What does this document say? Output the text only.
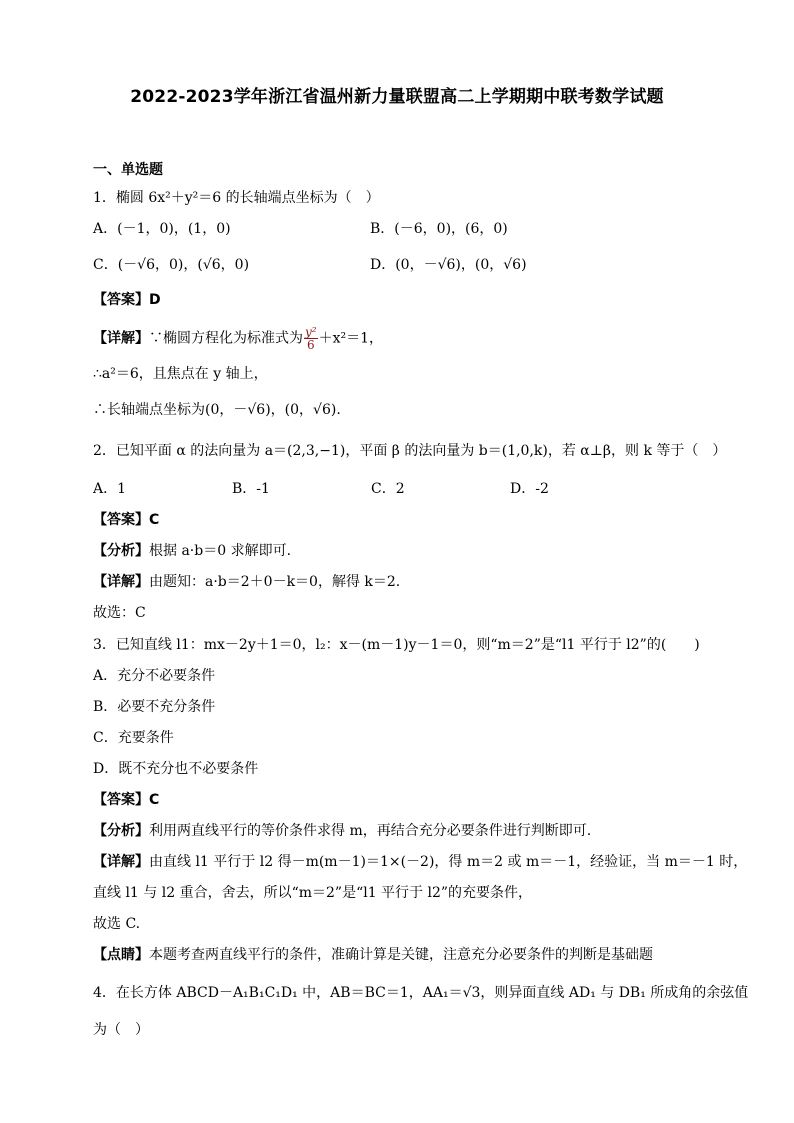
2022-2023学年浙江省温州新力量联盟高二上学期期中联考数学试题
一、单选题
1．椭圆 6x²＋y²＝6 的长轴端点坐标为（　）
A．(－1，0)，(1，0)	B．(－6，0)，(6，0)
C．(－√6，0)，(√6，0)	D．(0，－√6)，(0，√6)
【答案】D
【详解】∵椭圆方程化为标准式为 $\frac{\text{y²}}{6} +x^2=1$，
∴a²＝6，且焦点在 y 轴上，
∴长轴端点坐标为(0，－√6)，(0，√6).
2．已知平面 α 的法向量为 a＝(2,3,−1)，平面 β 的法向量为 b＝(1,0,k)，若 α⊥β，则 k 等于（　）
A．1	B．-1	C．2	D．-2
【答案】C
【分析】根据 a·b＝0 求解即可.
【详解】由题知：a·b＝2＋0－k＝0，解得 k＝2.
故选：C
3．已知直线 l1：mx－2y＋1＝0，l₂：x－(m－1)y－1＝0，则“m＝2”是“l1 平行于 l2”的(　　)
A．充分不必要条件
B．必要不充分条件
C．充要条件
D．既不充分也不必要条件
【答案】C
【分析】利用两直线平行的等价条件求得 m，再结合充分必要条件进行判断即可.
【详解】由直线 l1 平行于 l2 得－m(m－1)＝1×(－2)，得 m＝2 或 m＝－1，经验证，当 m＝－1 时，
直线 l1 与 l2 重合，舍去，所以“m＝2”是“l1 平行于 l2”的充要条件，
故选 C.
【点睛】本题考查两直线平行的条件，准确计算是关键，注意充分必要条件的判断是基础题
4．在长方体 ABCD－A₁B₁C₁D₁ 中，AB＝BC＝1，AA₁＝√3，则异面直线 AD₁ 与 DB₁ 所成角的余弦值
为（　）
